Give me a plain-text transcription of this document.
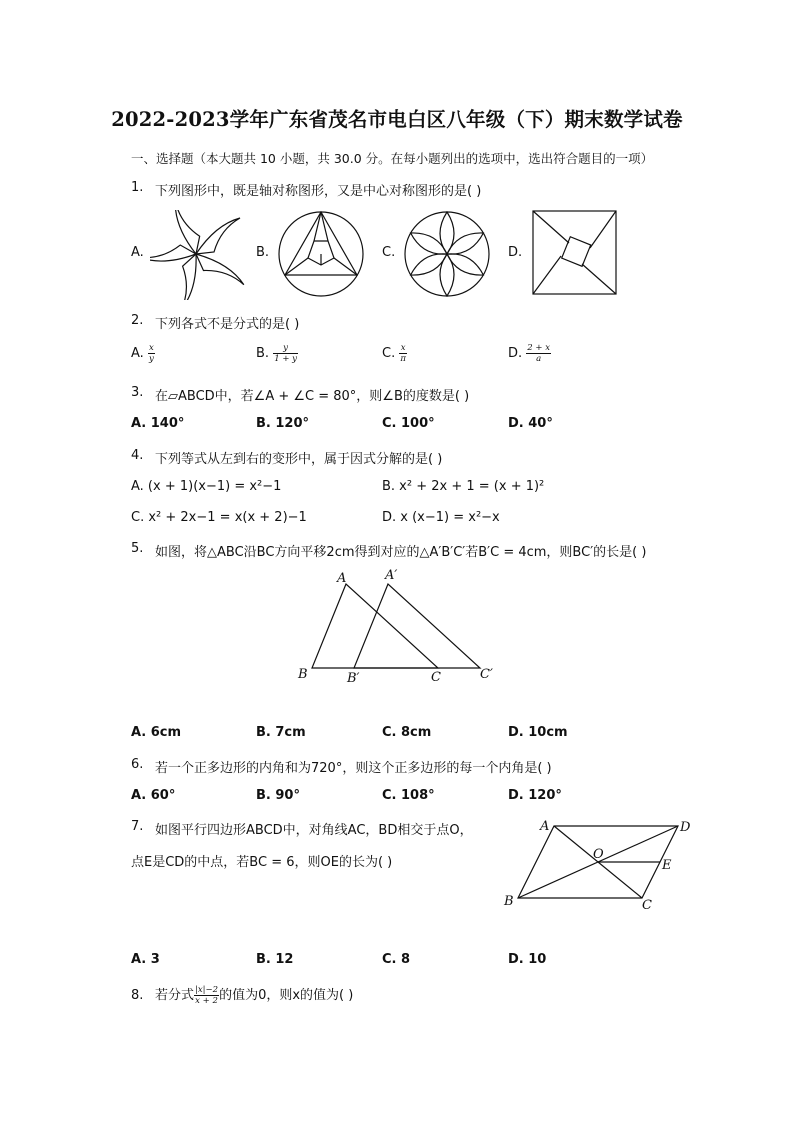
2022-2023学年广东省茂名市电白区八年级（下）期末数学试卷
一、选择题（本大题共 10 小题，共 30.0 分。在每小题列出的选项中，选出符合题目的一项）
1. 下列图形中，既是轴对称图形，又是中心对称图形的是( )
A.	B.	C.	D.
2. 下列各式不是分式的是( )
A. $\frac{x}{y}$	B. $\frac{y}{1 + y}$	C. $\frac{x}{\pi}$	D. $\frac{2 + x}{a}$
3. 在▱ABCD中，若∠A + ∠C = 80°，则∠B的度数是( )
A. 140°	B. 120°	C. 100°	D. 40°
4. 下列等式从左到右的变形中，属于因式分解的是( )
A. (x + 1)(x−1) = x²−1	B. x² + 2x + 1 = (x + 1)²
C. x² + 2x−1 = x(x + 2)−1	D. x (x−1) = x²−x
5. 如图，将△ABC沿BC方向平移2cm得到对应的△A′B′C′若B′C = 4cm，则BC′的长是( )
A	A′
B	B′	C	C′
A. 6cm	B. 7cm	C. 8cm	D. 10cm
6. 若一个正多边形的内角和为720°，则这个正多边形的每一个内角是( )
A. 60°	B. 90°	C. 108°	D. 120°
7. 如图平行四边形ABCD中，对角线AC，BD相交于点O，
点E是CD的中点，若BC = 6，则OE的长为( )
A	D
O
E
B	C
A. 3	B. 12	C. 8	D. 10
8. 若分式 $\frac{|x|-2}{x + 2}$ 的值为0，则x的值为( )
